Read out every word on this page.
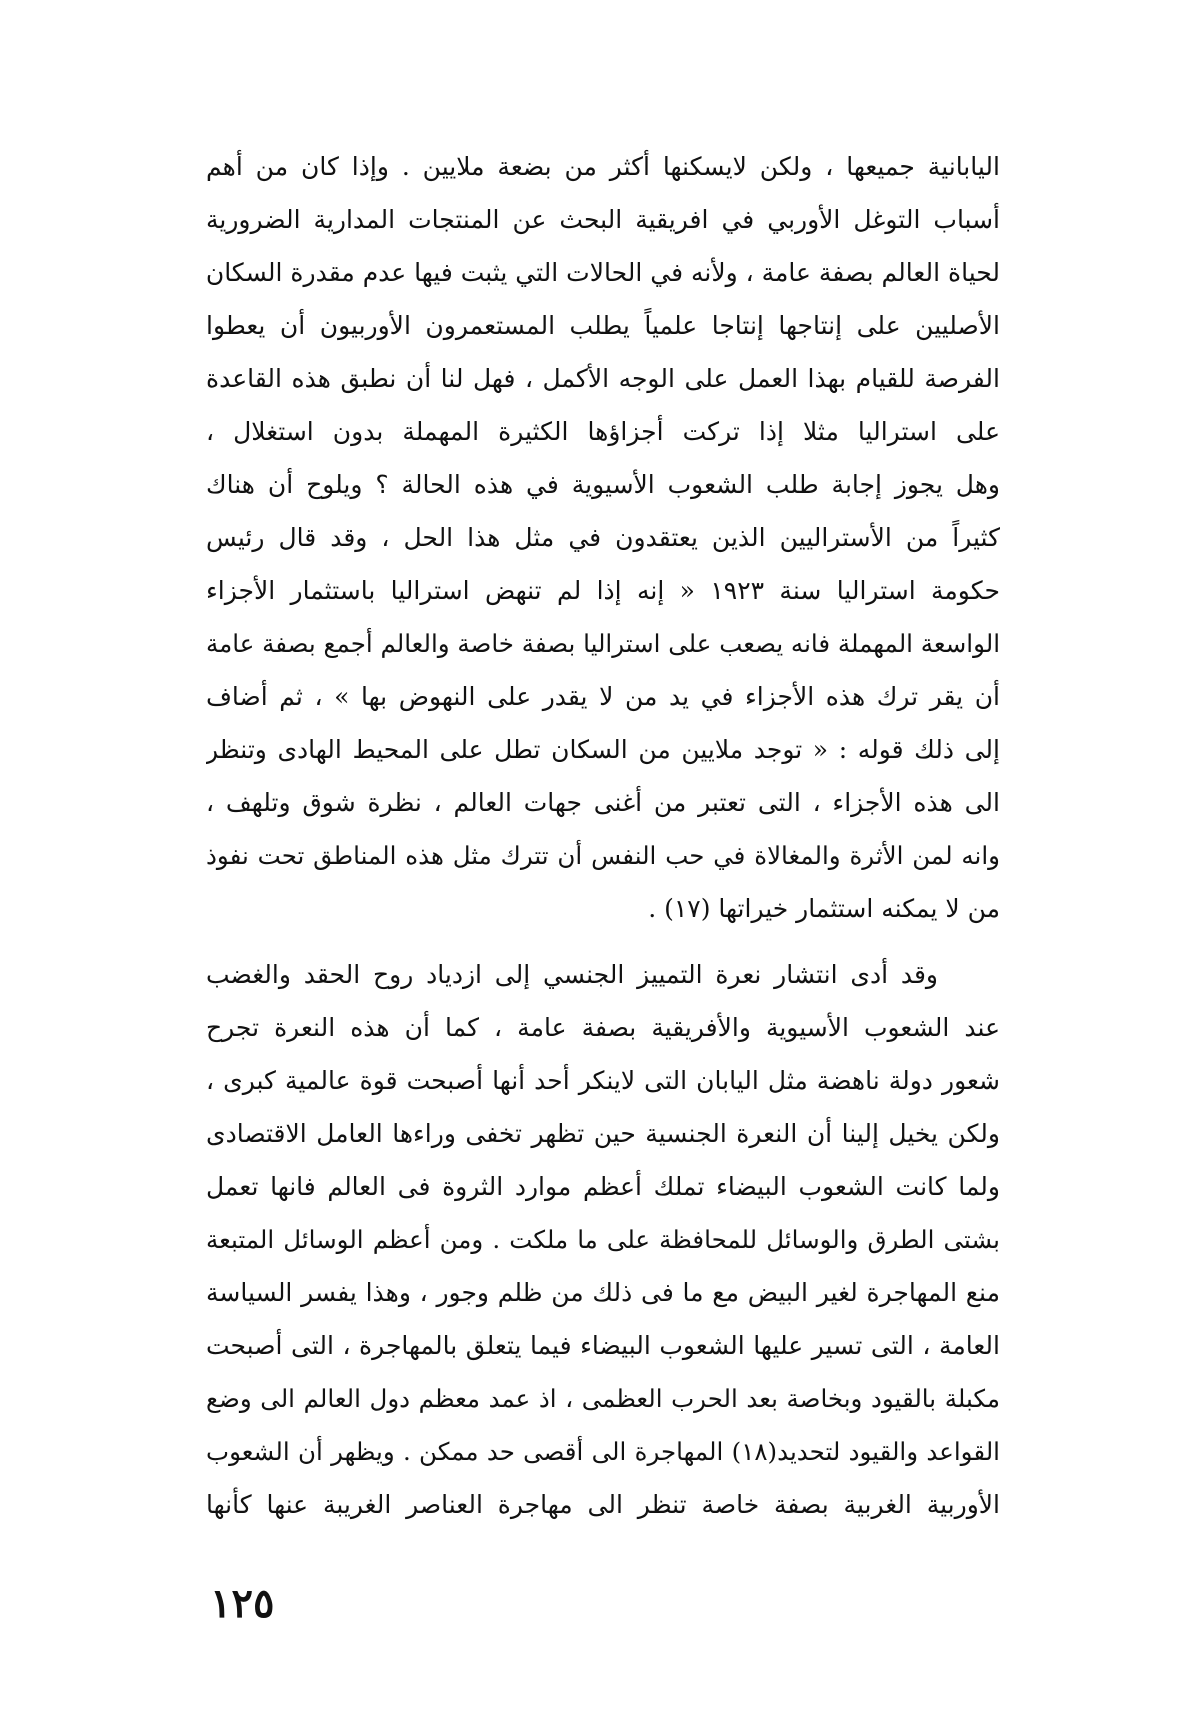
اليابانية جميعها ، ولكن لايسكنها أكثر من بضعة ملايين . وإذا كان من أهم
أسباب التوغل الأوربي في افريقية البحث عن المنتجات المدارية الضرورية
لحياة العالم بصفة عامة ، ولأنه في الحالات التي يثبت فيها عدم مقدرة السكان
الأصليين على إنتاجها إنتاجا علمياً يطلب المستعمرون الأوربيون أن يعطوا
الفرصة للقيام بهذا العمل على الوجه الأكمل ، فهل لنا أن نطبق هذه القاعدة
على استراليا مثلا إذا تركت أجزاؤها الكثيرة المهملة بدون استغلال ،
وهل يجوز إجابة طلب الشعوب الأسيوية في هذه الحالة ؟ ويلوح أن هناك
كثيراً من الأستراليين الذين يعتقدون في مثل هذا الحل ، وقد قال رئيس
حكومة استراليا سنة ١٩٢٣ « إنه إذا لم تنهض استراليا باستثمار الأجزاء
الواسعة المهملة فانه يصعب على استراليا بصفة خاصة والعالم أجمع بصفة عامة
أن يقر ترك هذه الأجزاء في يد من لا يقدر على النهوض بها » ، ثم أضاف
إلى ذلك قوله : « توجد ملايين من السكان تطل على المحيط الهادى وتنظر
الى هذه الأجزاء ، التى تعتبر من أغنى جهات العالم ، نظرة شوق وتلهف ،
وانه لمن الأثرة والمغالاة في حب النفس أن تترك مثل هذه المناطق تحت نفوذ
من لا يمكنه استثمار خيراتها (١٧) .
وقد أدى انتشار نعرة التمييز الجنسي إلى ازدياد روح الحقد والغضب
عند الشعوب الأسيوية والأفريقية بصفة عامة ، كما أن هذه النعرة تجرح
شعور دولة ناهضة مثل اليابان التى لاينكر أحد أنها أصبحت قوة عالمية كبرى ،
ولكن يخيل إلينا أن النعرة الجنسية حين تظهر تخفى وراءها العامل الاقتصادى
ولما كانت الشعوب البيضاء تملك أعظم موارد الثروة فى العالم فانها تعمل
بشتى الطرق والوسائل للمحافظة على ما ملكت . ومن أعظم الوسائل المتبعة
منع المهاجرة لغير البيض مع ما فى ذلك من ظلم وجور ، وهذا يفسر السياسة
العامة ، التى تسير عليها الشعوب البيضاء فيما يتعلق بالمهاجرة ، التى أصبحت
مكبلة بالقيود وبخاصة بعد الحرب العظمى ، اذ عمد معظم دول العالم الى وضع
القواعد والقيود لتحديد(١٨) المهاجرة الى أقصى حد ممكن . ويظهر أن الشعوب
الأوربية الغربية بصفة خاصة تنظر الى مهاجرة العناصر الغريبة عنها كأنها
١٢٥
